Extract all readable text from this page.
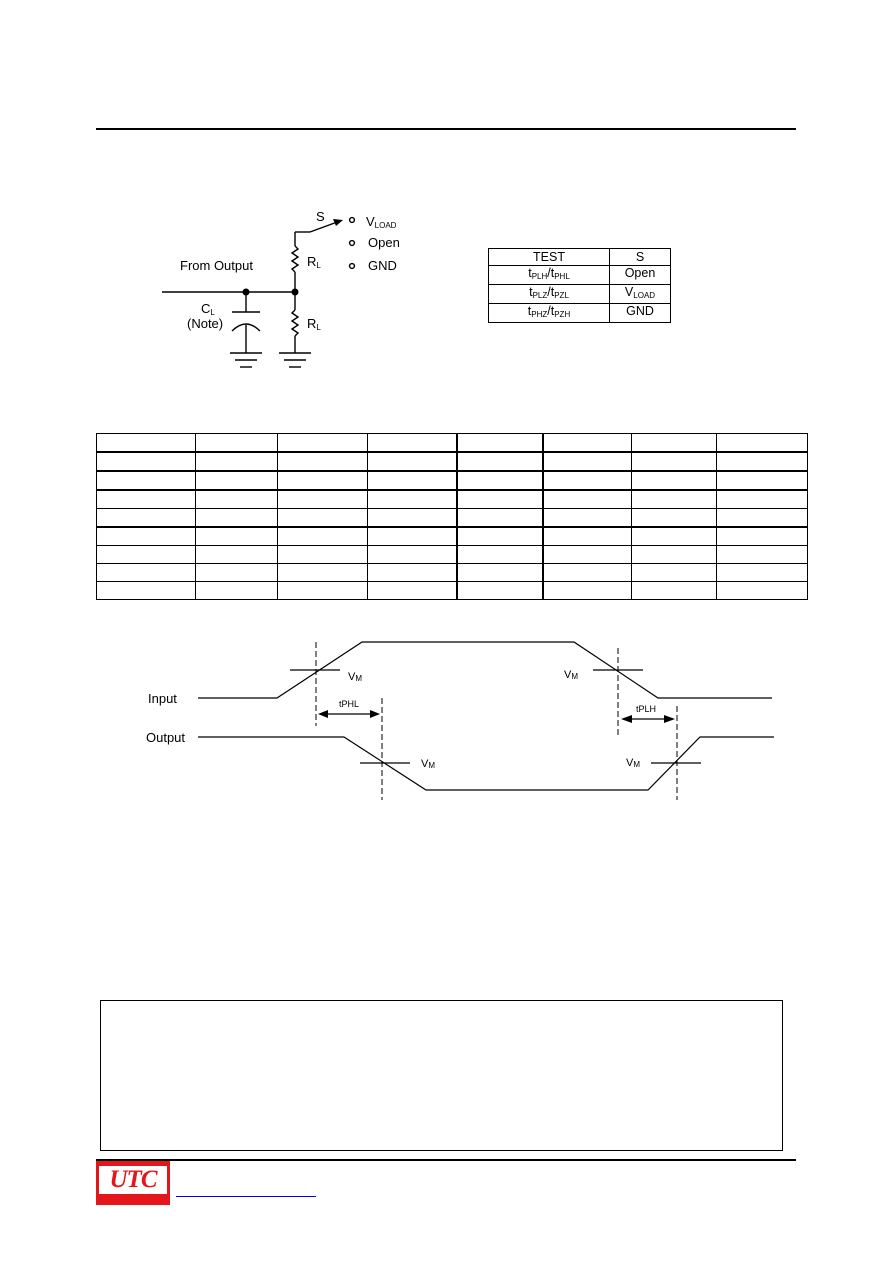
S	VLOAD
Open
GND
From Output	RL
RL
CL
(Note)
TEST	S
$t_{PLH}/t_{PHL}$	Open
$t_{PLZ}/t_{PZL}$	$V_{LOAD}$
$t_{PHZ}/t_{PZH}$	GND

Input
Output
VM	VM
VM	VM
tPHL	tPLH
UTC
